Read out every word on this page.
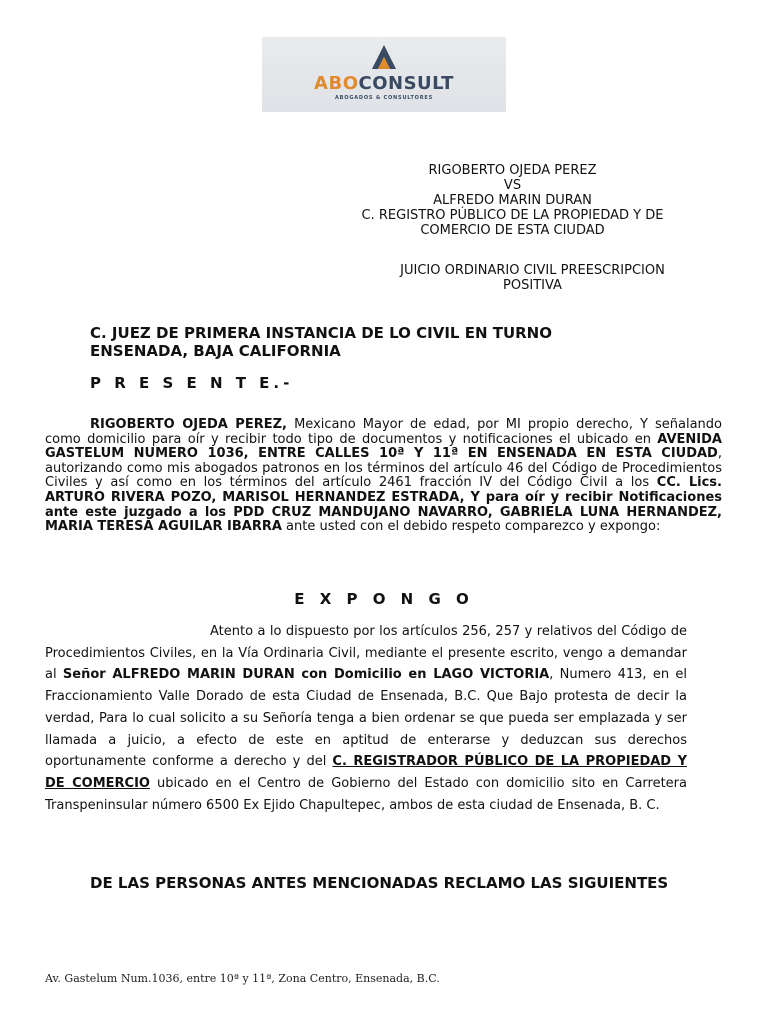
ABOCONSULT
ABOGADOS & CONSULTORES
RIGOBERTO OJEDA PEREZ
VS
ALFREDO MARIN DURAN
C. REGISTRO PÚBLICO DE LA PROPIEDAD Y DE
COMERCIO DE ESTA CIUDAD
JUICIO ORDINARIO CIVIL PREESCRIPCION
POSITIVA
C. JUEZ DE PRIMERA INSTANCIA DE LO CIVIL EN TURNO
ENSENADA, BAJA CALIFORNIA
P R E S E N T E.-
RIGOBERTO OJEDA PEREZ, Mexicano Mayor de edad, por MI propio derecho, Y señalando como domicilio para oír y recibir todo tipo de documentos y notificaciones el ubicado en AVENIDA GASTELUM NUMERO 1036, ENTRE CALLES 10ª Y 11ª EN ENSENADA EN ESTA CIUDAD, autorizando como mis abogados patronos en los términos del artículo 46 del Código de Procedimientos Civiles y así como en los términos del artículo 2461 fracción IV del Código Civil a los CC. Lics. ARTURO RIVERA POZO, MARISOL HERNANDEZ ESTRADA, Y para oír y recibir Notificaciones ante este juzgado a los PDD CRUZ MANDUJANO NAVARRO, GABRIELA LUNA HERNANDEZ, MARIA TERESA AGUILAR IBARRA ante usted con el debido respeto comparezco y expongo:
E X P O N G O
Atento a lo dispuesto por los artículos 256, 257 y relativos del Código de Procedimientos Civiles, en la Vía Ordinaria Civil, mediante el presente escrito, vengo a demandar al Señor ALFREDO MARIN DURAN con Domicilio en LAGO VICTORIA, Numero 413, en el Fraccionamiento Valle Dorado de esta Ciudad de Ensenada, B.C. Que Bajo protesta de decir la verdad, Para lo cual solicito a su Señoría tenga a bien ordenar se que pueda ser emplazada y ser llamada a juicio, a efecto de este en aptitud de enterarse y deduzcan sus derechos oportunamente conforme a derecho y del C. REGISTRADOR PÚBLICO DE LA PROPIEDAD Y DE COMERCIO ubicado en el Centro de Gobierno del Estado con domicilio sito en Carretera Transpeninsular número 6500 Ex Ejido Chapultepec, ambos de esta ciudad de Ensenada, B. C.
DE LAS PERSONAS ANTES MENCIONADAS RECLAMO LAS SIGUIENTES
Av. Gastelum Num.1036, entre 10ª y 11ª, Zona Centro, Ensenada, B.C.
